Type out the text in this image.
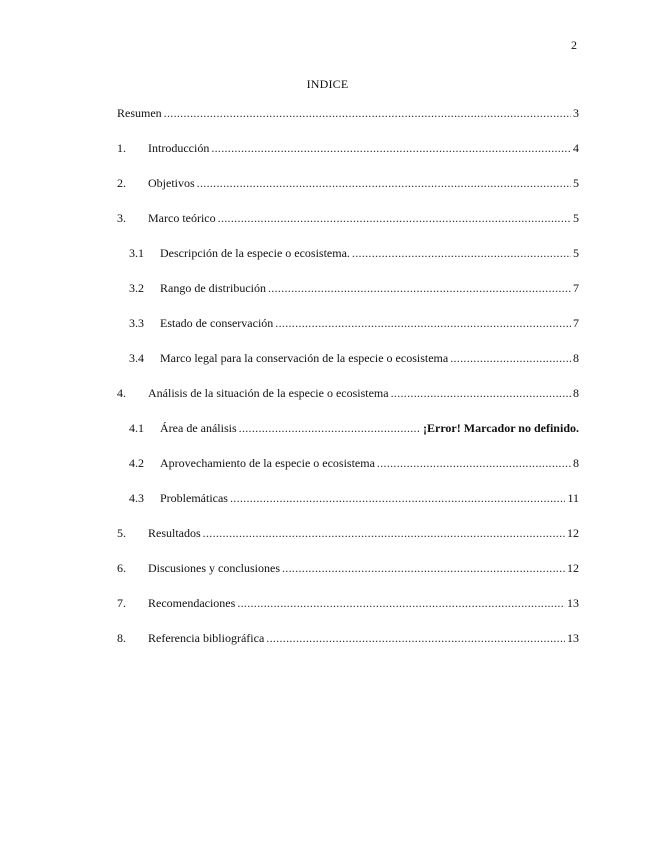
2
INDICE
Resumen .....	3
1.	Introducción .....	4
2.	Objetivos .....	5
3.	Marco teórico .....	5
3.1	Descripción de la especie o ecosistema. .....	5
3.2	Rango de distribución .....	7
3.3	Estado de conservación .....	7
3.4	Marco legal para la conservación de la especie o ecosistema .....	8
4.	Análisis de la situación de la especie o ecosistema .....	8
4.1	Área de análisis .....	¡Error! Marcador no definido.
4.2	Aprovechamiento de la especie o ecosistema .....	8
4.3	Problemáticas .....	11
5.	Resultados .....	12
6.	Discusiones y conclusiones .....	12
7.	Recomendaciones .....	13
8.	Referencia bibliográfica .....	13
